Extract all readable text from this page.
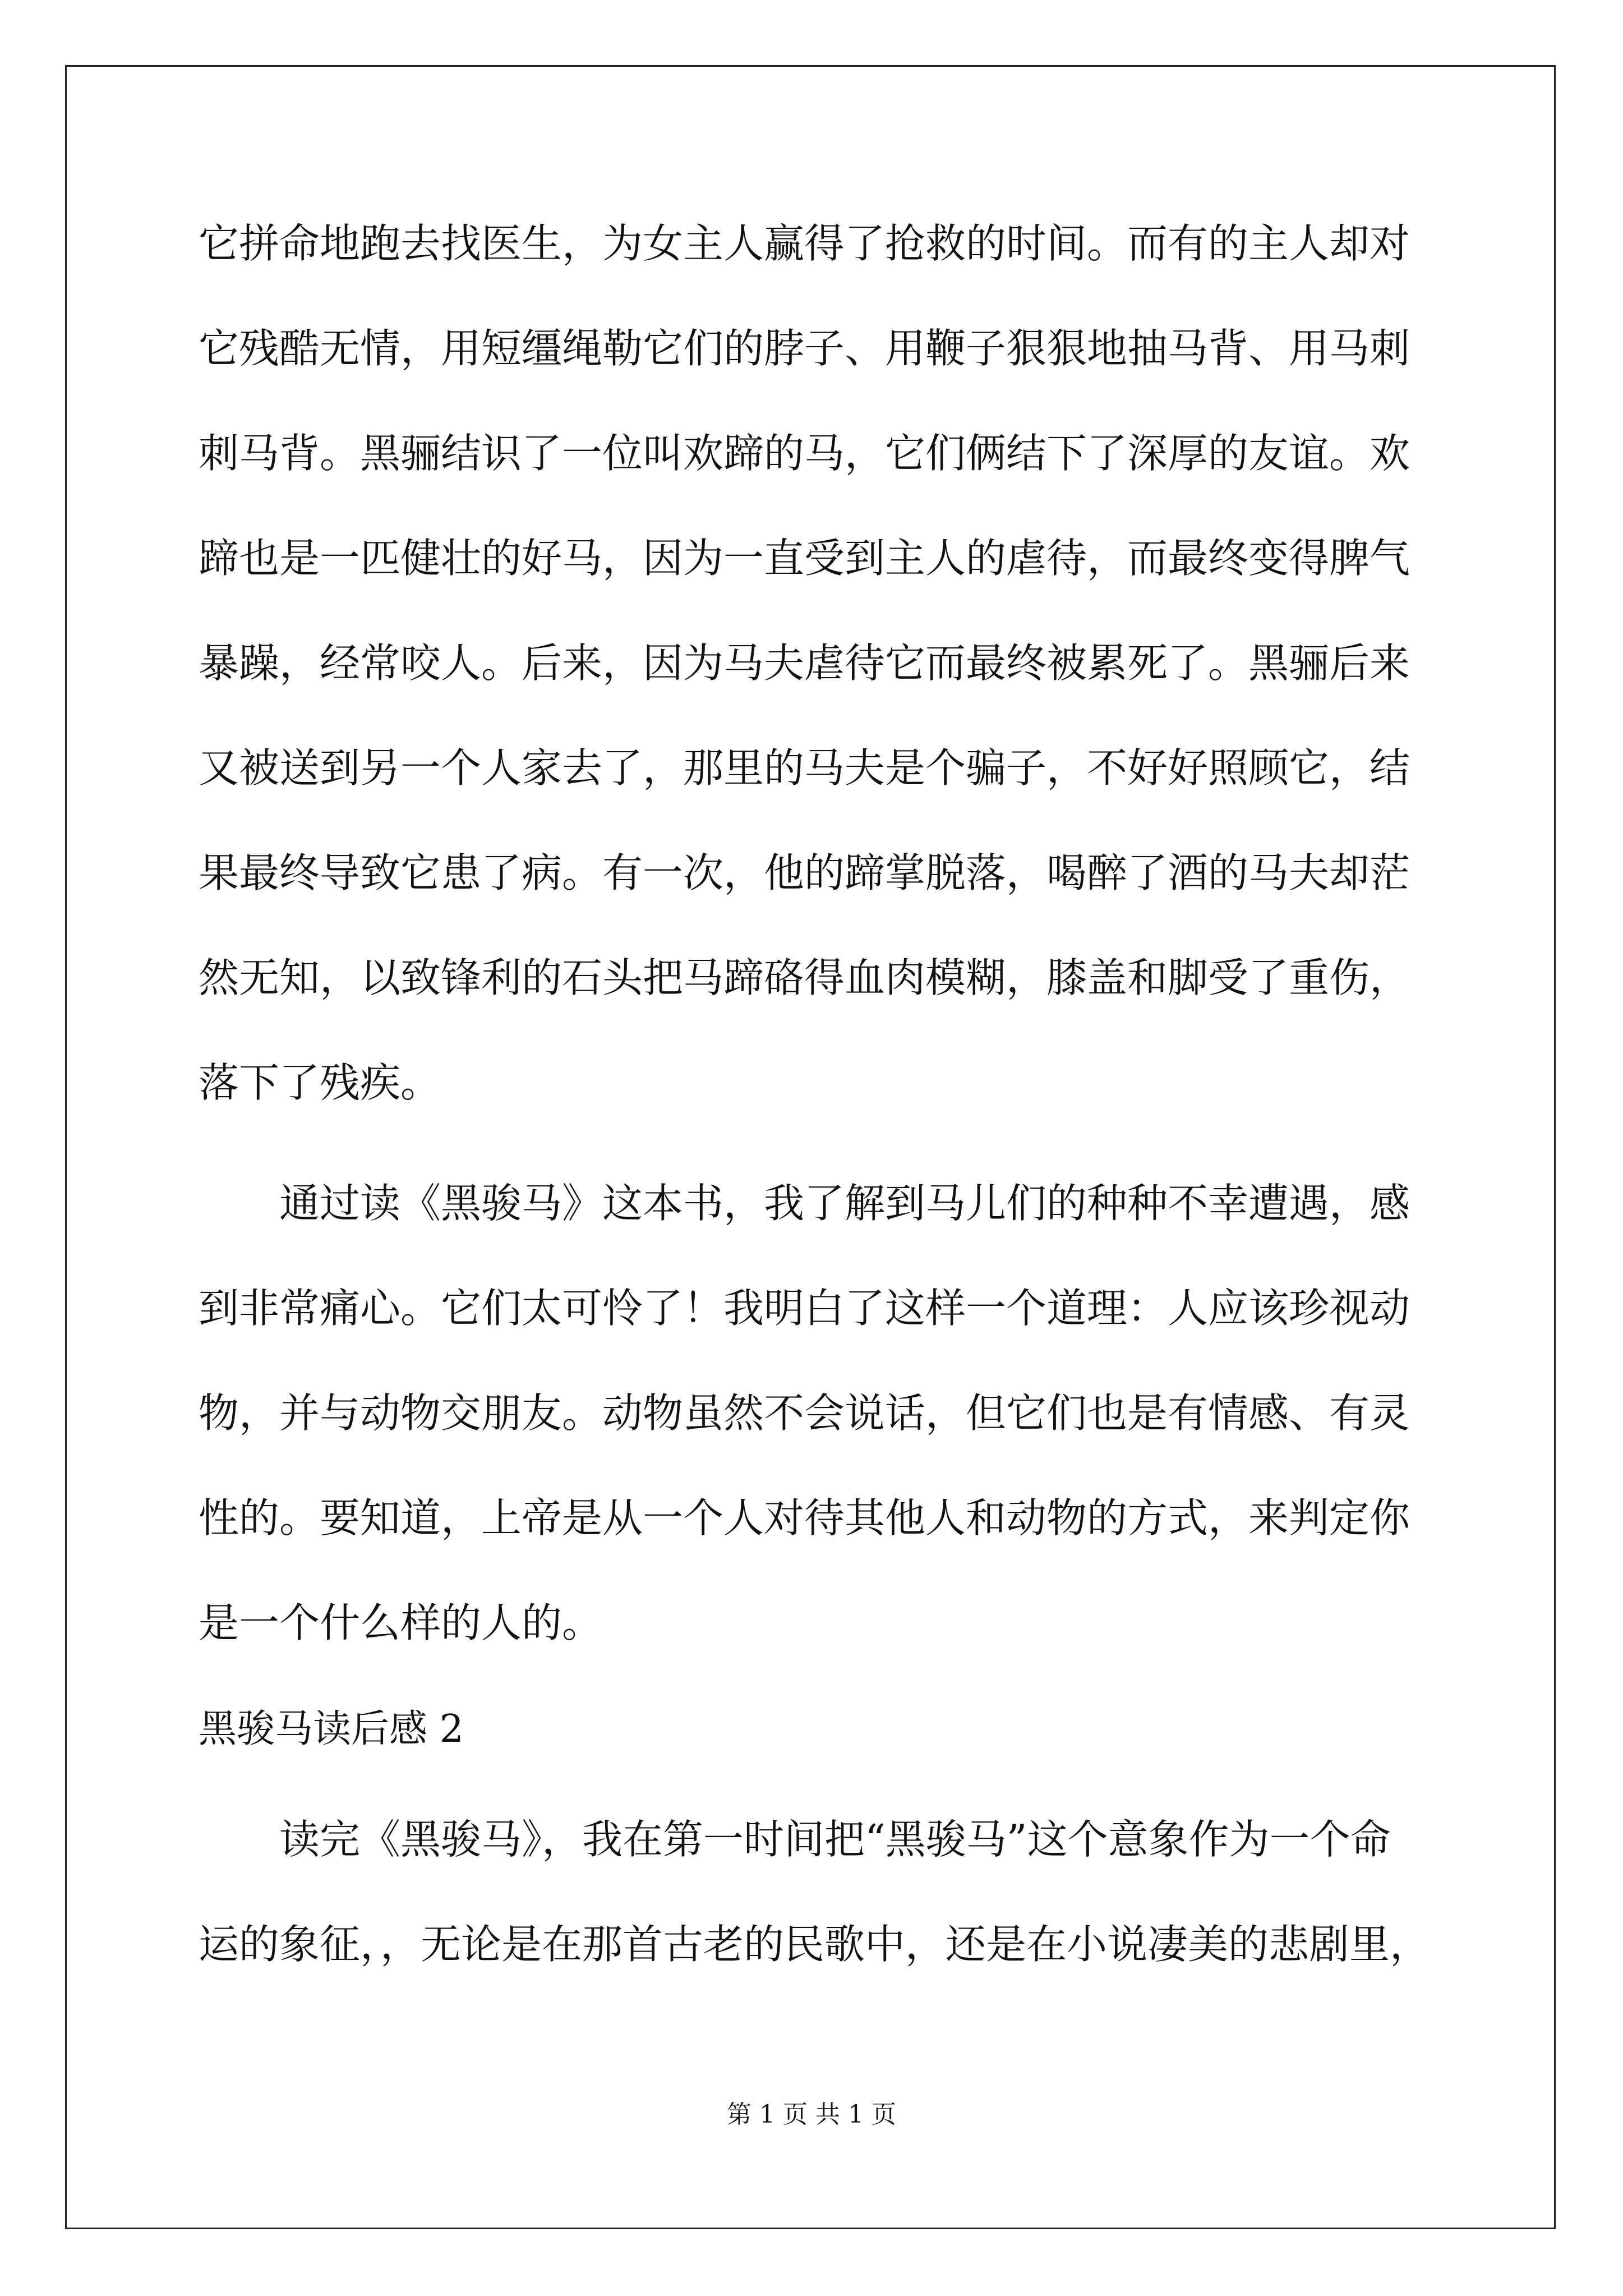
它拼命地跑去找医生，为女主人赢得了抢救的时间。而有的主人却对
它残酷无情，用短缰绳勒它们的脖子、用鞭子狠狠地抽马背、用马刺
刺马背。黑骊结识了一位叫欢蹄的马，它们俩结下了深厚的友谊。欢
蹄也是一匹健壮的好马，因为一直受到主人的虐待，而最终变得脾气
暴躁，经常咬人。后来，因为马夫虐待它而最终被累死了。黑骊后来
又被送到另一个人家去了，那里的马夫是个骗子，不好好照顾它，结
果最终导致它患了病。有一次，他的蹄掌脱落，喝醉了酒的马夫却茫
然无知，以致锋利的石头把马蹄硌得血肉模糊，膝盖和脚受了重伤，
落下了残疾。
通过读《黑骏马》这本书，我了解到马儿们的种种不幸遭遇，感
到非常痛心。它们太可怜了！我明白了这样一个道理：人应该珍视动
物，并与动物交朋友。动物虽然不会说话，但它们也是有情感、有灵
性的。要知道，上帝是从一个人对待其他人和动物的方式，来判定你
是一个什么样的人的。
黑骏马读后感 2
读完《黑骏马》，我在第一时间把“黑骏马”这个意象作为一个命
运的象征，，无论是在那首古老的民歌中，还是在小说凄美的悲剧里，
第 1 页 共 1 页
